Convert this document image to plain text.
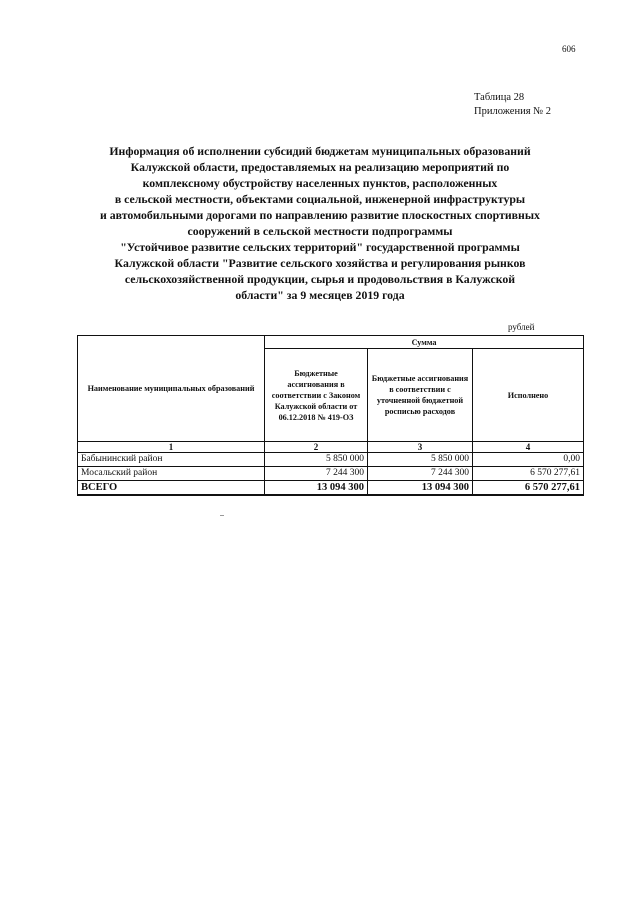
606
Таблица 28
Приложения № 2
Информация об исполнении субсидий бюджетам муниципальных образований
Калужской области, предоставляемых на реализацию мероприятий по
комплексному обустройству населенных пунктов, расположенных
в сельской местности, объектами социальной, инженерной инфраструктуры
и автомобильными дорогами по направлению развитие плоскостных спортивных
сооружений в сельской местности подпрограммы
"Устойчивое развитие сельских территорий" государственной программы
Калужской области "Развитие сельского хозяйства и регулирования рынков
сельскохозяйственной продукции, сырья и продовольствия в Калужской
области" за 9 месяцев 2019 года
рублей
Наименование муниципальных образований	Сумма		
	Бюджетные ассигнования в соответствии с Законом Калужской области от 06.12.2018 № 419-ОЗ	Бюджетные ассигнования в соответствии с уточненной бюджетной росписью расходов	Исполнено
1	2	3	4
Бабынинский район	5 850 000	5 850 000	0,00
Мосальский район	7 244 300	7 244 300	6 570 277,61
ВСЕГО	13 094 300	13 094 300	6 570 277,61
